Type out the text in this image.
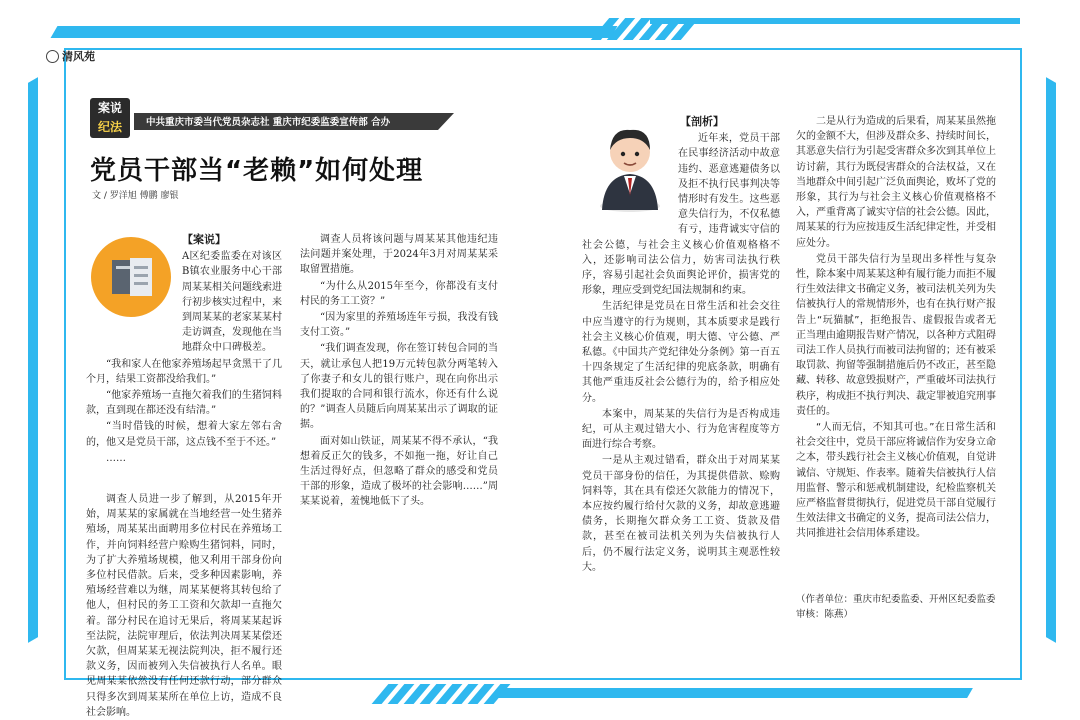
清风苑
案说
纪法	中共重庆市委当代党员杂志社 重庆市纪委监委宣传部 合办
党员干部当“老赖”如何处理
文 / 罗洋旭 傅鹏 廖银
【案说】

A区纪委监委在对该区B镇农业服务中心干部周某某相关问题线索进行初步核实过程中，来到周某某的老家某某村走访调查，发现他在当地群众中口碑极差。

“我和家人在他家养殖场起早贪黑干了几个月，结果工资都没给我们。”

“他家养殖场一直拖欠着我们的生猪饲料款，直到现在都还没有结清。”

“当时借钱的时候，想着大家左邻右舍的，他又是党员干部，这点钱不至于不还。”

……

调查人员进一步了解到，从2015年开始，周某某的家属就在当地经营一处生猪养殖场，周某某出面聘用多位村民在养殖场工作，并向饲料经营户赊购生猪饲料，同时，为了扩大养殖场规模，他又利用干部身份向多位村民借款。后来，受多种因素影响，养殖场经营难以为继，周某某便将其转包给了他人，但村民的务工工资和欠款却一直拖欠着。部分村民在追讨无果后，将周某某起诉至法院，法院审理后，依法判决周某某偿还欠款，但周某某无视法院判决，拒不履行还款义务，因而被列入失信被执行人名单。眼见周某某依然没有任何还款行动，部分群众只得多次到周某某所在单位上访，造成不良社会影响。

调查人员将该问题与周某某其他违纪违法问题并案处理，于2024年3月对周某某采取留置措施。

“为什么从2015年至今，你都没有支付村民的务工工资？”

“因为家里的养殖场连年亏损，我没有钱支付工资。”

“我们调查发现，你在签订转包合同的当天，就让承包人把19万元转包款分两笔转入了你妻子和女儿的银行账户，现在向你出示我们提取的合同和银行流水，你还有什么说的？”调查人员随后向周某某出示了调取的证据。

面对如山铁证，周某某不得不承认，“我想着反正欠的钱多，不如拖一拖，好让自己生活过得好点，但忽略了群众的感受和党员干部的形象，造成了极坏的社会影响……”周某某说着，羞愧地低下了头。

【剖析】

近年来，党员干部在民事经济活动中故意违约、恶意逃避债务以及拒不执行民事判决等情形时有发生。这些恶意失信行为，不仅私德有亏，违背诚实守信的社会公德，与社会主义核心价值观格格不入，还影响司法公信力，妨害司法执行秩序，容易引起社会负面舆论评价，损害党的形象，理应受到党纪国法规制和约束。

生活纪律是党员在日常生活和社会交往中应当遵守的行为规则，其本质要求是践行社会主义核心价值观，明大德、守公德、严私德。《中国共产党纪律处分条例》第一百五十四条规定了生活纪律的兜底条款，明确有其他严重违反社会公德行为的，给予相应处分。

本案中，周某某的失信行为是否构成违纪，可从主观过错大小、行为危害程度等方面进行综合考察。

一是从主观过错看，群众出于对周某某党员干部身份的信任，为其提供借款、赊购饲料等，其在具有偿还欠款能力的情况下，本应按约履行给付欠款的义务，却故意逃避债务，长期拖欠群众务工工资、货款及借款，甚至在被司法机关列为失信被执行人后，仍不履行法定义务，说明其主观恶性较大。

二是从行为造成的后果看，周某某虽然拖欠的金额不大，但涉及群众多、持续时间长，其恶意失信行为引起受害群众多次到其单位上访讨薪，其行为既侵害群众的合法权益，又在当地群众中间引起广泛负面舆论，败坏了党的形象，其行为与社会主义核心价值观格格不入，严重背离了诚实守信的社会公德。因此，周某某的行为应按违反生活纪律定性，并受相应处分。

党员干部失信行为呈现出多样性与复杂性，除本案中周某某这种有履行能力而拒不履行生效法律文书确定义务，被司法机关列为失信被执行人的常规情形外，也有在执行财产报告上“玩猫腻”，拒绝报告、虚假报告或者无正当理由逾期报告财产情况，以各种方式阻碍司法工作人员执行而被司法拘留的；还有被采取罚款、拘留等强制措施后仍不改正，甚至隐藏、转移、故意毁损财产，严重破坏司法执行秩序，构成拒不执行判决、裁定罪被追究刑事责任的。

“人而无信，不知其可也。”在日常生活和社会交往中，党员干部应将诚信作为安身立命之本，带头践行社会主义核心价值观，自觉讲诚信、守规矩、作表率。随着失信被执行人信用监督、警示和惩戒机制建设，纪检监察机关应严格监督贯彻执行，促进党员干部自觉履行生效法律文书确定的义务，提高司法公信力，共同推进社会信用体系建设。

（作者单位：重庆市纪委监委、开州区纪委监委 审核：陈燕）
